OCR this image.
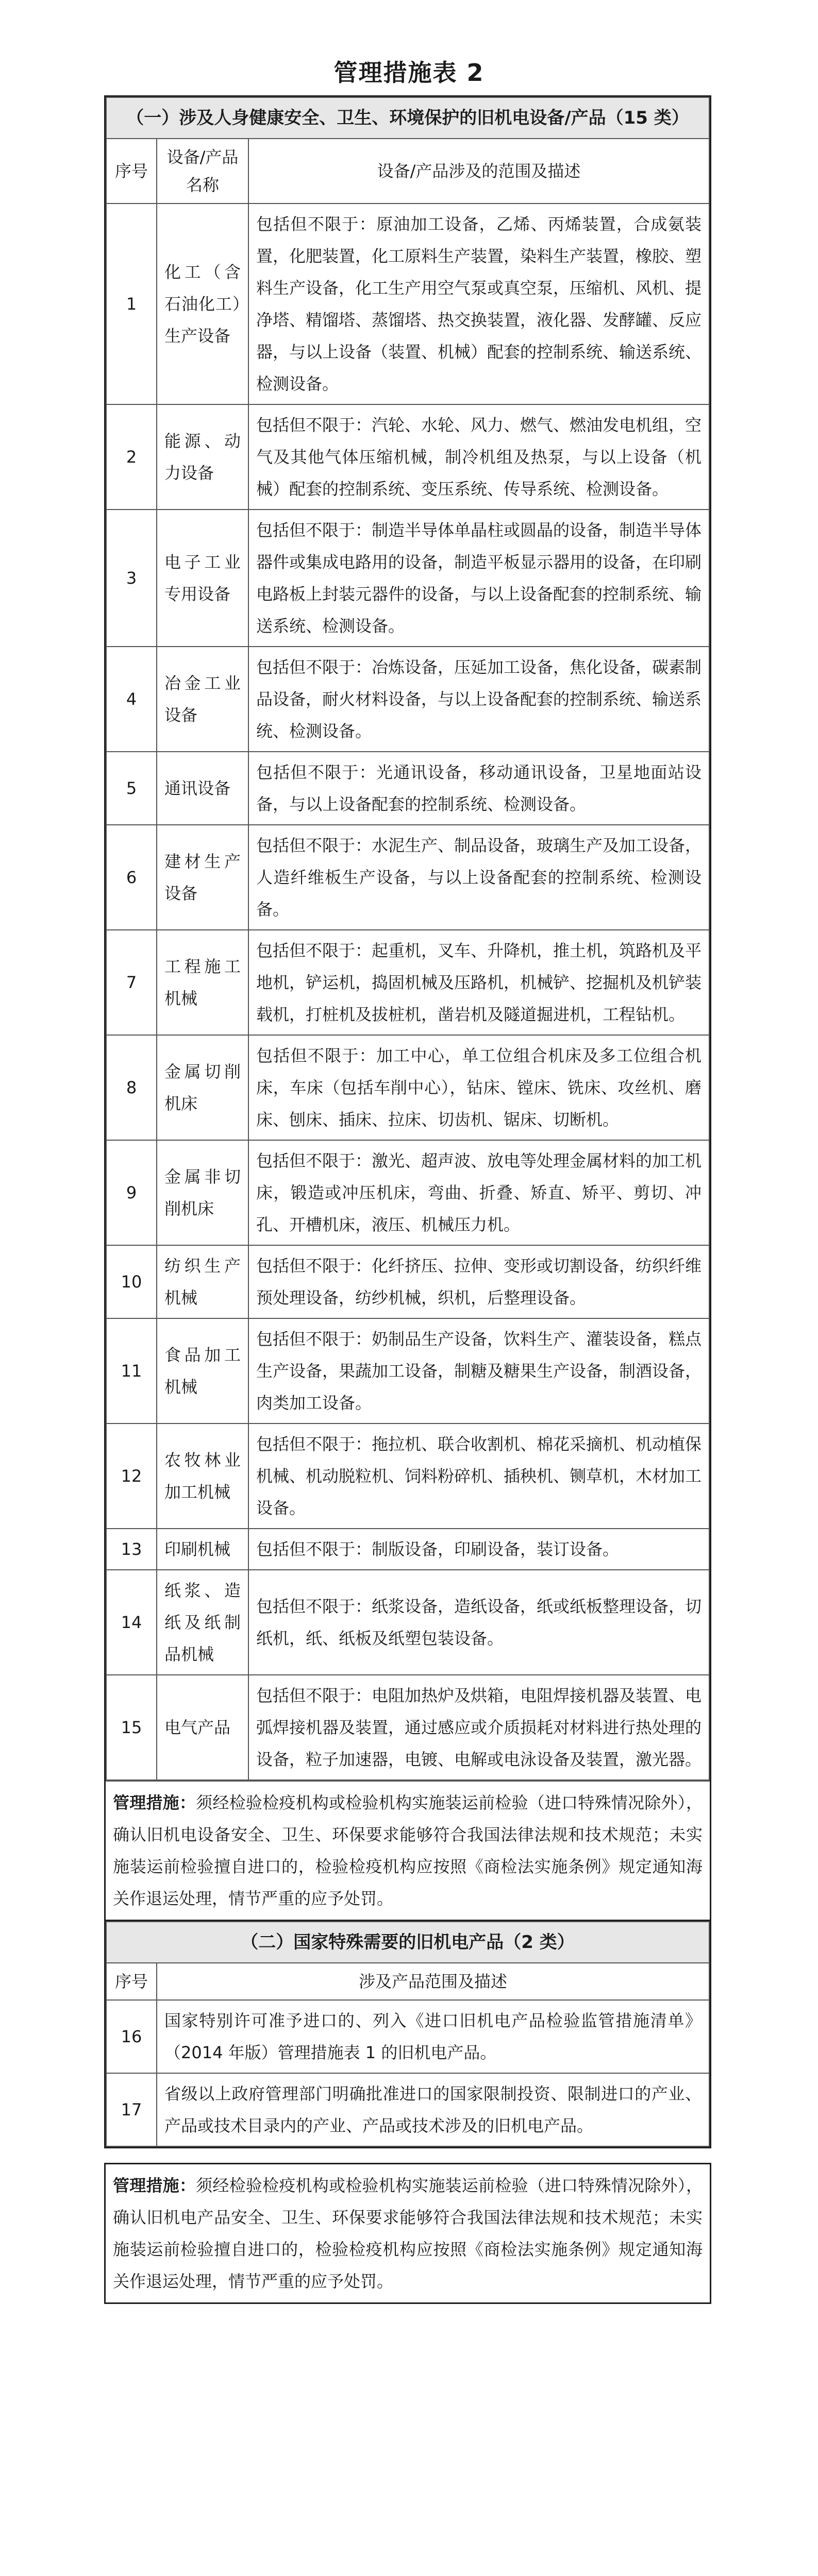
管理措施表 2
（一）涉及人身健康安全、卫生、环境保护的旧机电设备/产品（15 类）		
序号	设备/产品名称	设备/产品涉及的范围及描述
1	化工（含石油化工）生产设备	包括但不限于：原油加工设备，乙烯、丙烯装置，合成氨装置，化肥装置，化工原料生产装置，染料生产装置，橡胶、塑料生产设备，化工生产用空气泵或真空泵，压缩机、风机、提净塔、精馏塔、蒸馏塔、热交换装置，液化器、发酵罐、反应器，与以上设备（装置、机械）配套的控制系统、输送系统、检测设备。
2	能源、动力设备	包括但不限于：汽轮、水轮、风力、燃气、燃油发电机组，空气及其他气体压缩机械，制冷机组及热泵，与以上设备（机械）配套的控制系统、变压系统、传导系统、检测设备。
3	电子工业专用设备	包括但不限于：制造半导体单晶柱或圆晶的设备，制造半导体器件或集成电路用的设备，制造平板显示器用的设备，在印刷电路板上封装元器件的设备，与以上设备配套的控制系统、输送系统、检测设备。
4	冶金工业设备	包括但不限于：冶炼设备，压延加工设备，焦化设备，碳素制品设备，耐火材料设备，与以上设备配套的控制系统、输送系统、检测设备。
5	通讯设备	包括但不限于：光通讯设备，移动通讯设备，卫星地面站设备，与以上设备配套的控制系统、检测设备。
6	建材生产设备	包括但不限于：水泥生产、制品设备，玻璃生产及加工设备，人造纤维板生产设备，与以上设备配套的控制系统、检测设备。
7	工程施工机械	包括但不限于：起重机，叉车、升降机，推土机，筑路机及平地机，铲运机，捣固机械及压路机，机械铲、挖掘机及机铲装载机，打桩机及拔桩机，凿岩机及隧道掘进机，工程钻机。
8	金属切削机床	包括但不限于：加工中心，单工位组合机床及多工位组合机床，车床（包括车削中心），钻床、镗床、铣床、攻丝机、磨床、刨床、插床、拉床、切齿机、锯床、切断机。
9	金属非切削机床	包括但不限于：激光、超声波、放电等处理金属材料的加工机床，锻造或冲压机床，弯曲、折叠、矫直、矫平、剪切、冲孔、开槽机床，液压、机械压力机。
10	纺织生产机械	包括但不限于：化纤挤压、拉伸、变形或切割设备，纺织纤维预处理设备，纺纱机械，织机，后整理设备。
11	食品加工机械	包括但不限于：奶制品生产设备，饮料生产、灌装设备，糕点生产设备，果蔬加工设备，制糖及糖果生产设备，制酒设备，肉类加工设备。
12	农牧林业加工机械	包括但不限于：拖拉机、联合收割机、棉花采摘机、机动植保机械、机动脱粒机、饲料粉碎机、插秧机、铡草机，木材加工设备。
13	印刷机械	包括但不限于：制版设备，印刷设备，装订设备。
14	纸浆、造纸及纸制品机械	包括但不限于：纸浆设备，造纸设备，纸或纸板整理设备，切纸机，纸、纸板及纸塑包装设备。
15	电气产品	包括但不限于：电阻加热炉及烘箱，电阻焊接机器及装置、电弧焊接机器及装置，通过感应或介质损耗对材料进行热处理的设备，粒子加速器，电镀、电解或电泳设备及装置，激光器。
管理措施：须经检验检疫机构或检验机构实施装运前检验（进口特殊情况除外），确认旧机电设备安全、卫生、环保要求能够符合我国法律法规和技术规范；未实施装运前检验擅自进口的，检验检疫机构应按照《商检法实施条例》规定通知海关作退运处理，情节严重的应予处罚。
（二）国家特殊需要的旧机电产品（2 类）	
序号	涉及产品范围及描述
16	国家特别许可准予进口的、列入《进口旧机电产品检验监管措施清单》（2014 年版）管理措施表 1 的旧机电产品。
17	省级以上政府管理部门明确批准进口的国家限制投资、限制进口的产业、产品或技术目录内的产业、产品或技术涉及的旧机电产品。
管理措施：须经检验检疫机构或检验机构实施装运前检验（进口特殊情况除外），确认旧机电产品安全、卫生、环保要求能够符合我国法律法规和技术规范；未实施装运前检验擅自进口的，检验检疫机构应按照《商检法实施条例》规定通知海关作退运处理，情节严重的应予处罚。
